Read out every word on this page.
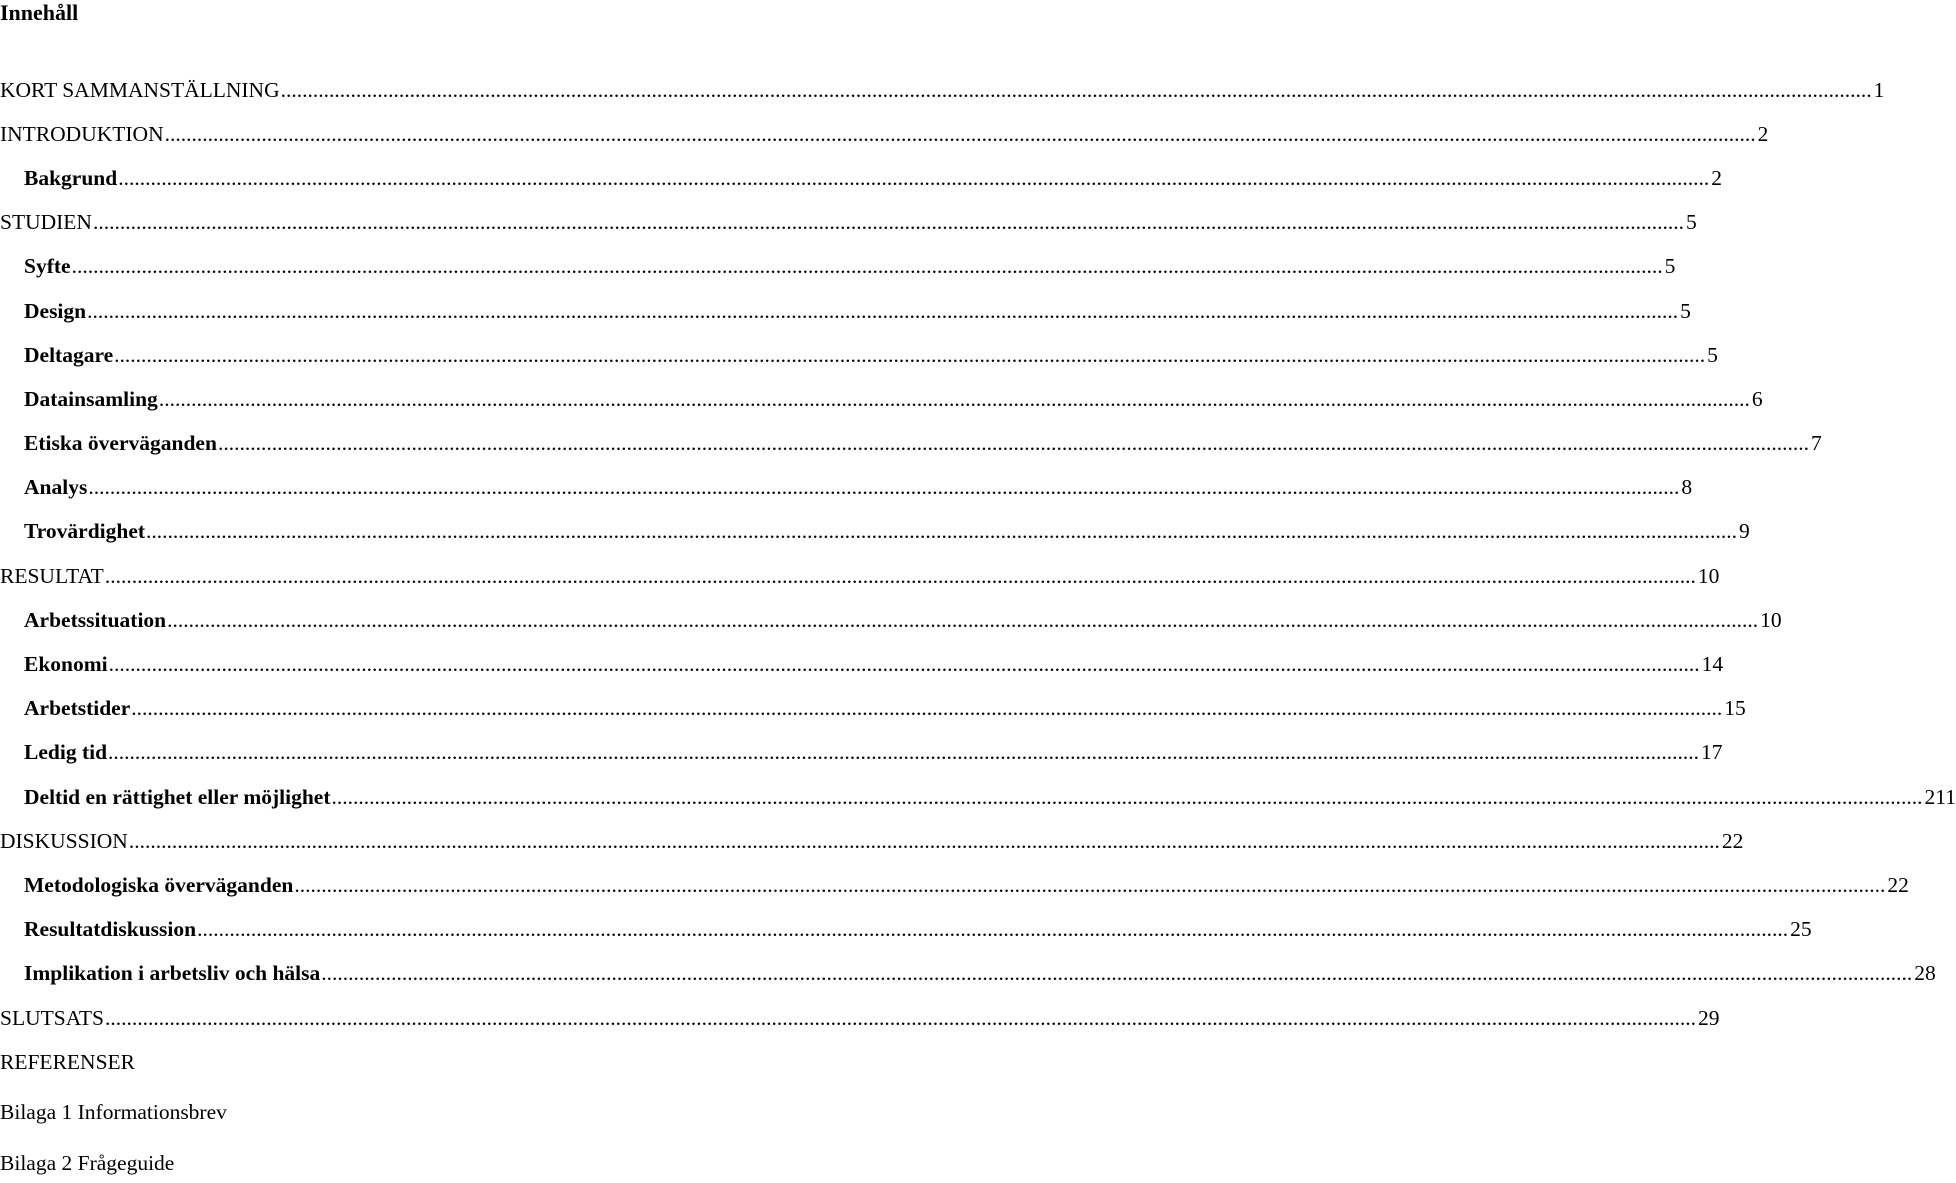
Innehåll
KORT SAMMANSTÄLLNING .....	1
INTRODUKTION .....	2
Bakgrund .....	2
STUDIEN .....	5
Syfte .....	5
Design .....	5
Deltagare .....	5
Datainsamling .....	6
Etiska överväganden .....	7
Analys .....	8
Trovärdighet .....	9
RESULTAT .....	10
Arbetssituation .....	10
Ekonomi .....	14
Arbetstider .....	15
Ledig tid .....	17
Deltid en rättighet eller möjlighet .....	211
DISKUSSION .....	22
Metodologiska överväganden .....	22
Resultatdiskussion .....	25
Implikation i arbetsliv och hälsa .....	28
SLUTSATS .....	29
REFERENSER
Bilaga 1 Informationsbrev
Bilaga 2 Frågeguide
